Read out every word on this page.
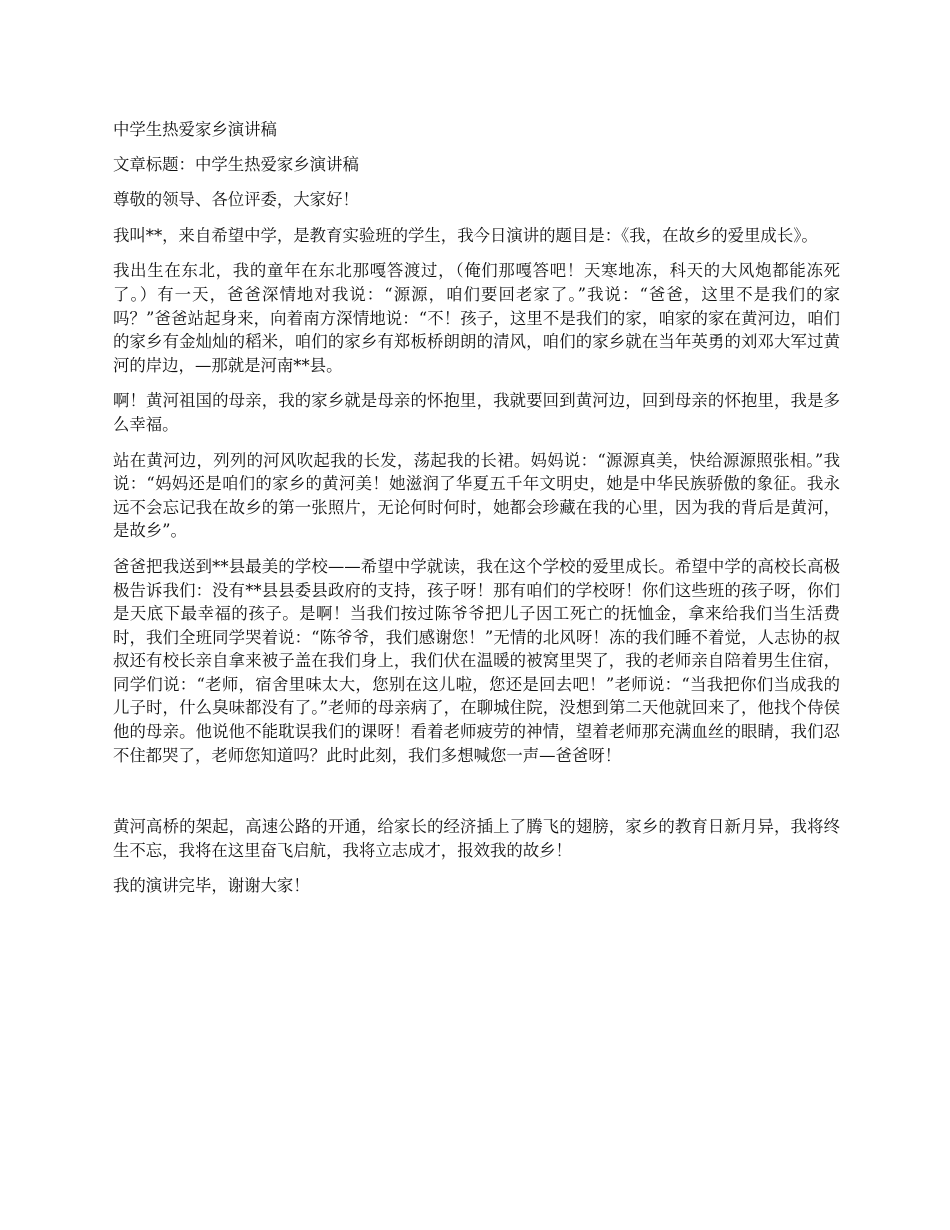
中学生热爱家乡演讲稿

文章标题：中学生热爱家乡演讲稿

尊敬的领导、各位评委，大家好！

我叫**，来自希望中学，是教育实验班的学生，我今日演讲的题目是：《我，在故乡的爱里成长》。

我出生在东北，我的童年在东北那嘎答渡过，（俺们那嘎答吧！天寒地冻，科天的大风炮都能冻死了。）有一天，爸爸深情地对我说：“源源，咱们要回老家了。”我说：“爸爸，这里不是我们的家吗？”爸爸站起身来，向着南方深情地说：“不！孩子，这里不是我们的家，咱家的家在黄河边，咱们的家乡有金灿灿的稻米，咱们的家乡有郑板桥朗朗的清风，咱们的家乡就在当年英勇的刘邓大军过黄河的岸边，—那就是河南**县。

啊！黄河祖国的母亲，我的家乡就是母亲的怀抱里，我就要回到黄河边，回到母亲的怀抱里，我是多么幸福。

站在黄河边，列列的河风吹起我的长发，荡起我的长裙。妈妈说：“源源真美，快给源源照张相。”我说：“妈妈还是咱们的家乡的黄河美！她滋润了华夏五千年文明史，她是中华民族骄傲的象征。我永远不会忘记我在故乡的第一张照片，无论何时何时，她都会珍藏在我的心里，因为我的背后是黄河，是故乡”。

爸爸把我送到**县最美的学校——希望中学就读，我在这个学校的爱里成长。希望中学的高校长高极极告诉我们：没有**县县委县政府的支持，孩子呀！那有咱们的学校呀！你们这些班的孩子呀，你们是天底下最幸福的孩子。是啊！当我们按过陈爷爷把儿子因工死亡的抚恤金，拿来给我们当生活费时，我们全班同学哭着说：“陈爷爷，我们感谢您！”无情的北风呀！冻的我们睡不着觉，人志协的叔叔还有校长亲自拿来被子盖在我们身上，我们伏在温暖的被窝里哭了，我的老师亲自陪着男生住宿，同学们说：“老师，宿舍里味太大，您别在这儿啦，您还是回去吧！”老师说：“当我把你们当成我的儿子时，什么臭味都没有了。”老师的母亲病了，在聊城住院，没想到第二天他就回来了，他找个侍侯他的母亲。他说他不能耽误我们的课呀！看着老师疲劳的神情，望着老师那充满血丝的眼睛，我们忍不住都哭了，老师您知道吗？此时此刻，我们多想喊您一声—爸爸呀！

黄河高桥的架起，高速公路的开通，给家长的经济插上了腾飞的翅膀，家乡的教育日新月异，我将终生不忘，我将在这里奋飞启航，我将立志成才，报效我的故乡！

我的演讲完毕，谢谢大家！
